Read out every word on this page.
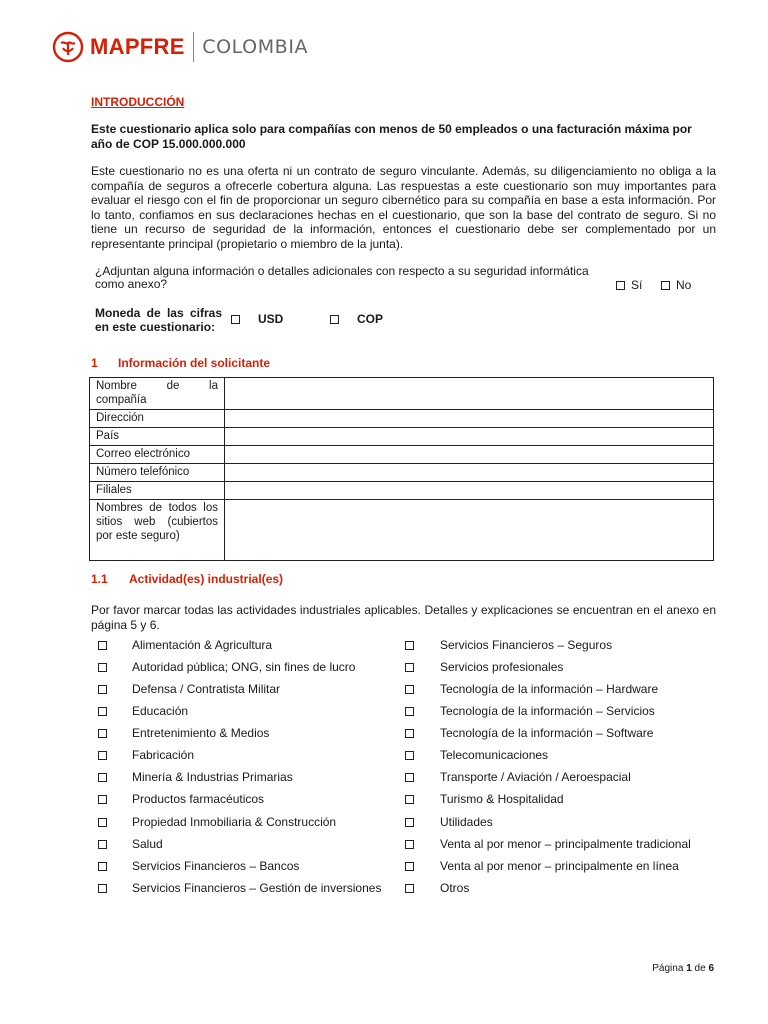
MAPFRE COLOMBIA
INTRODUCCIÓN
Este cuestionario aplica solo para compañías con menos de 50 empleados o una facturación máxima por año de COP 15.000.000.000
Este cuestionario no es una oferta ni un contrato de seguro vinculante. Además, su diligenciamiento no obliga a la compañía de seguros a ofrecerle cobertura alguna. Las respuestas a este cuestionario son muy importantes para evaluar el riesgo con el fin de proporcionar un seguro cibernético para su compañía en base a esta información. Por lo tanto, confiamos en sus declaraciones hechas en el cuestionario, que son la base del contrato de seguro. Si no tiene un recurso de seguridad de la información, entonces el cuestionario debe ser complementado por un representante principal (propietario o miembro de la junta).
¿Adjuntan alguna información o detalles adicionales con respecto a su seguridad informática como anexo?	Sí	No
Moneda de las cifras en este cuestionario:
USD	COP
1 Información del solicitante
Nombre de la compañía	
Dirección	
País	
Correo electrónico	
Número telefónico	
Filiales	
Nombres de todos los sitios web (cubiertos por este seguro)	
1.1 Actividad(es) industrial(es)
Por favor marcar todas las actividades industriales aplicables. Detalles y explicaciones se encuentran en el anexo en página 5 y 6.
Alimentación & Agricultura
Autoridad pública; ONG, sin fines de lucro
Defensa / Contratista Militar
Educación
Entretenimiento & Medios
Fabricación
Minería & Industrias Primarias
Productos farmacéuticos
Propiedad Inmobiliaria & Construcción
Salud
Servicios Financieros – Bancos
Servicios Financieros – Gestión de inversiones
Servicios Financieros – Seguros
Servicios profesionales
Tecnología de la información – Hardware
Tecnología de la información – Servicios
Tecnología de la información – Software
Telecomunicaciones
Transporte / Aviación / Aeroespacial
Turismo & Hospitalidad
Utilidades
Venta al por menor – principalmente tradicional
Venta al por menor – principalmente en línea
Otros
Página 1 de 6
